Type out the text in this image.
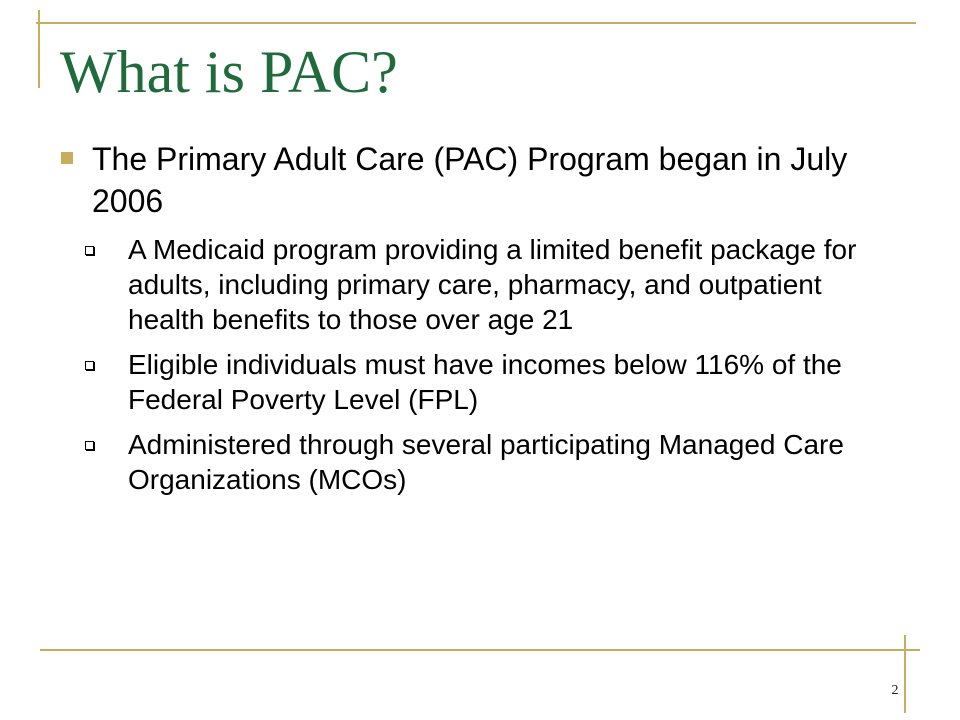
What is PAC?
The Primary Adult Care (PAC) Program began in July 2006
A Medicaid program providing a limited benefit package for adults, including primary care, pharmacy, and outpatient health benefits to those over age 21
Eligible individuals must have incomes below 116% of the Federal Poverty Level (FPL)
Administered through several participating Managed Care Organizations (MCOs)
2
